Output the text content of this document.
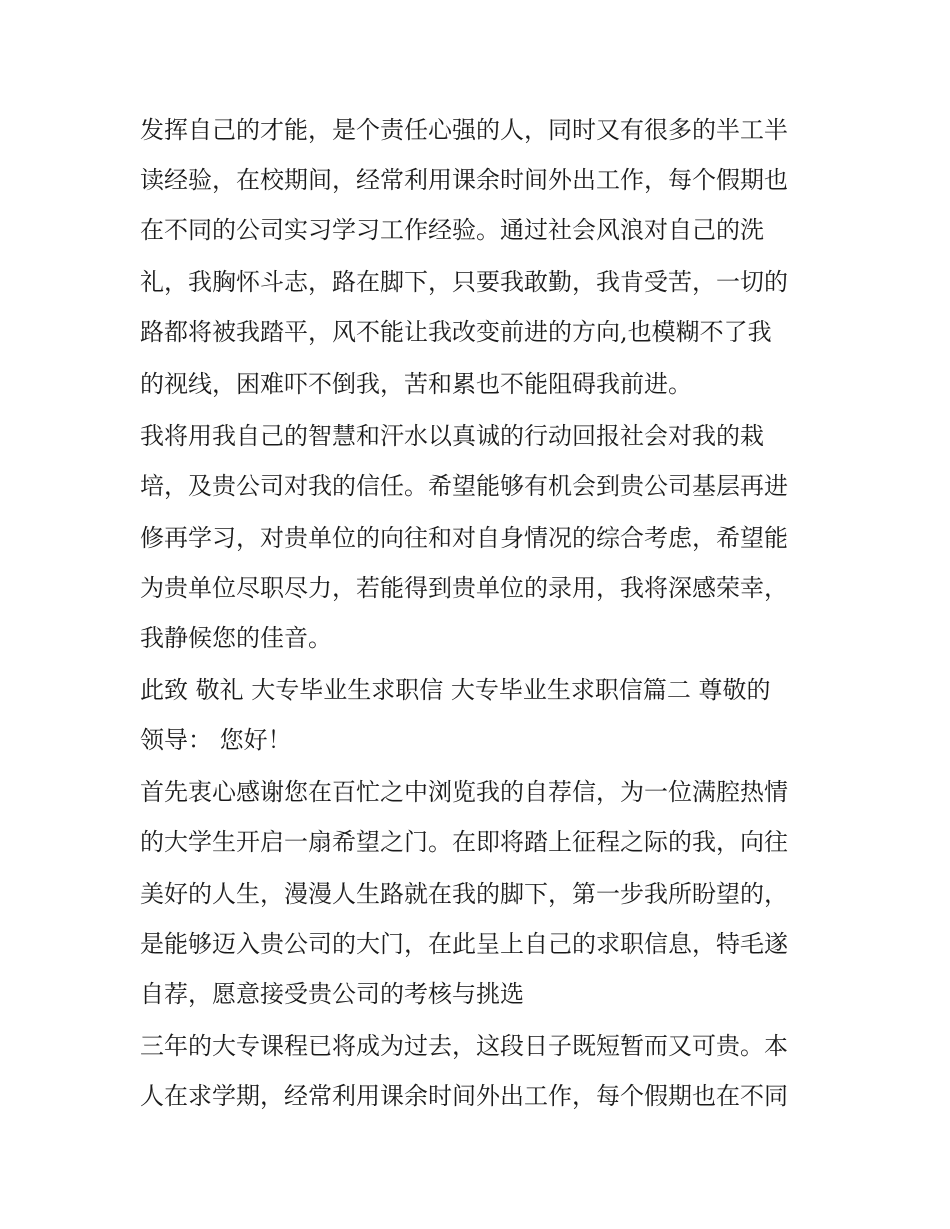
发挥自己的才能，是个责任心强的人，同时又有很多的半工半
读经验，在校期间，经常利用课余时间外出工作，每个假期也
在不同的公司实习学习工作经验。通过社会风浪对自己的洗
礼，我胸怀斗志，路在脚下，只要我敢勤，我肯受苦，一切的
路都将被我踏平，风不能让我改变前进的方向,也模糊不了我
的视线，困难吓不倒我，苦和累也不能阻碍我前进。
我将用我自己的智慧和汗水以真诚的行动回报社会对我的栽
培，及贵公司对我的信任。希望能够有机会到贵公司基层再进
修再学习，对贵单位的向往和对自身情况的综合考虑，希望能
为贵单位尽职尽力，若能得到贵单位的录用，我将深感荣幸，
我静候您的佳音。
此致 敬礼 大专毕业生求职信 大专毕业生求职信篇二 尊敬的
领导： 您好！
首先衷心感谢您在百忙之中浏览我的自荐信，为一位满腔热情
的大学生开启一扇希望之门。在即将踏上征程之际的我，向往
美好的人生，漫漫人生路就在我的脚下，第一步我所盼望的，
是能够迈入贵公司的大门，在此呈上自己的求职信息，特毛遂
自荐，愿意接受贵公司的考核与挑选
三年的大专课程已将成为过去，这段日子既短暂而又可贵。本
人在求学期，经常利用课余时间外出工作，每个假期也在不同
